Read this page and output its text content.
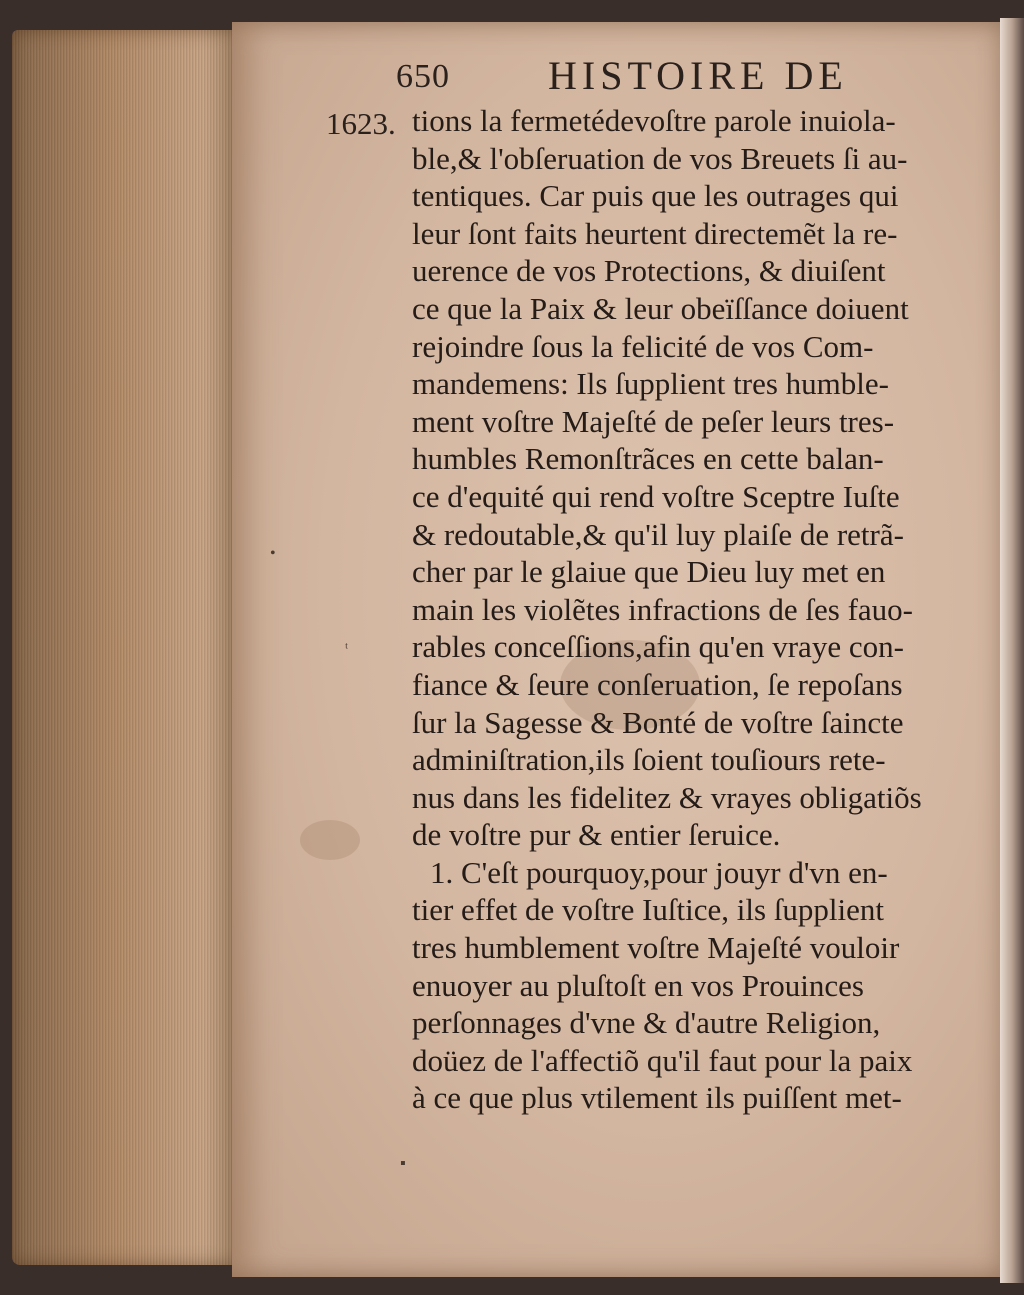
•
ᵗ
▪
650 HISTOIRE DE
1623. tions la fermetédevoſtre parole inuiola-
ble,& l'obſeruation de vos Breuets ſi au-
tentiques. Car puis que les outrages qui
leur ſont faits heurtent directemẽt la re-
uerence de vos Protections, & diuiſent
ce que la Paix & leur obeïſſance doiuent
rejoindre ſous la felicité de vos Com-
mandemens: Ils ſupplient tres humble-
ment voſtre Majeſté de peſer leurs tres-
humbles Remonſtrãces en cette balan-
ce d'equité qui rend voſtre Sceptre Iuſte
& redoutable,& qu'il luy plaiſe de retrã-
cher par le glaiue que Dieu luy met en
main les violẽtes infractions de ſes fauo-
rables conceſſions,afin qu'en vraye con-
fiance & ſeure conſeruation, ſe repoſans
ſur la Sagesse & Bonté de voſtre ſaincte
adminiſtration,ils ſoient touſiours rete-
nus dans les fidelitez & vrayes obligatiõs
de voſtre pur & entier ſeruice.
1. C'eſt pourquoy,pour jouyr d'vn en-
tier effet de voſtre Iuſtice, ils ſupplient
tres humblement voſtre Majeſté vouloir
enuoyer au pluſtoſt en vos Prouinces
perſonnages d'vne & d'autre Religion,
doüez de l'affectiõ qu'il faut pour la paix
à ce que plus vtilement ils puiſſent met-
